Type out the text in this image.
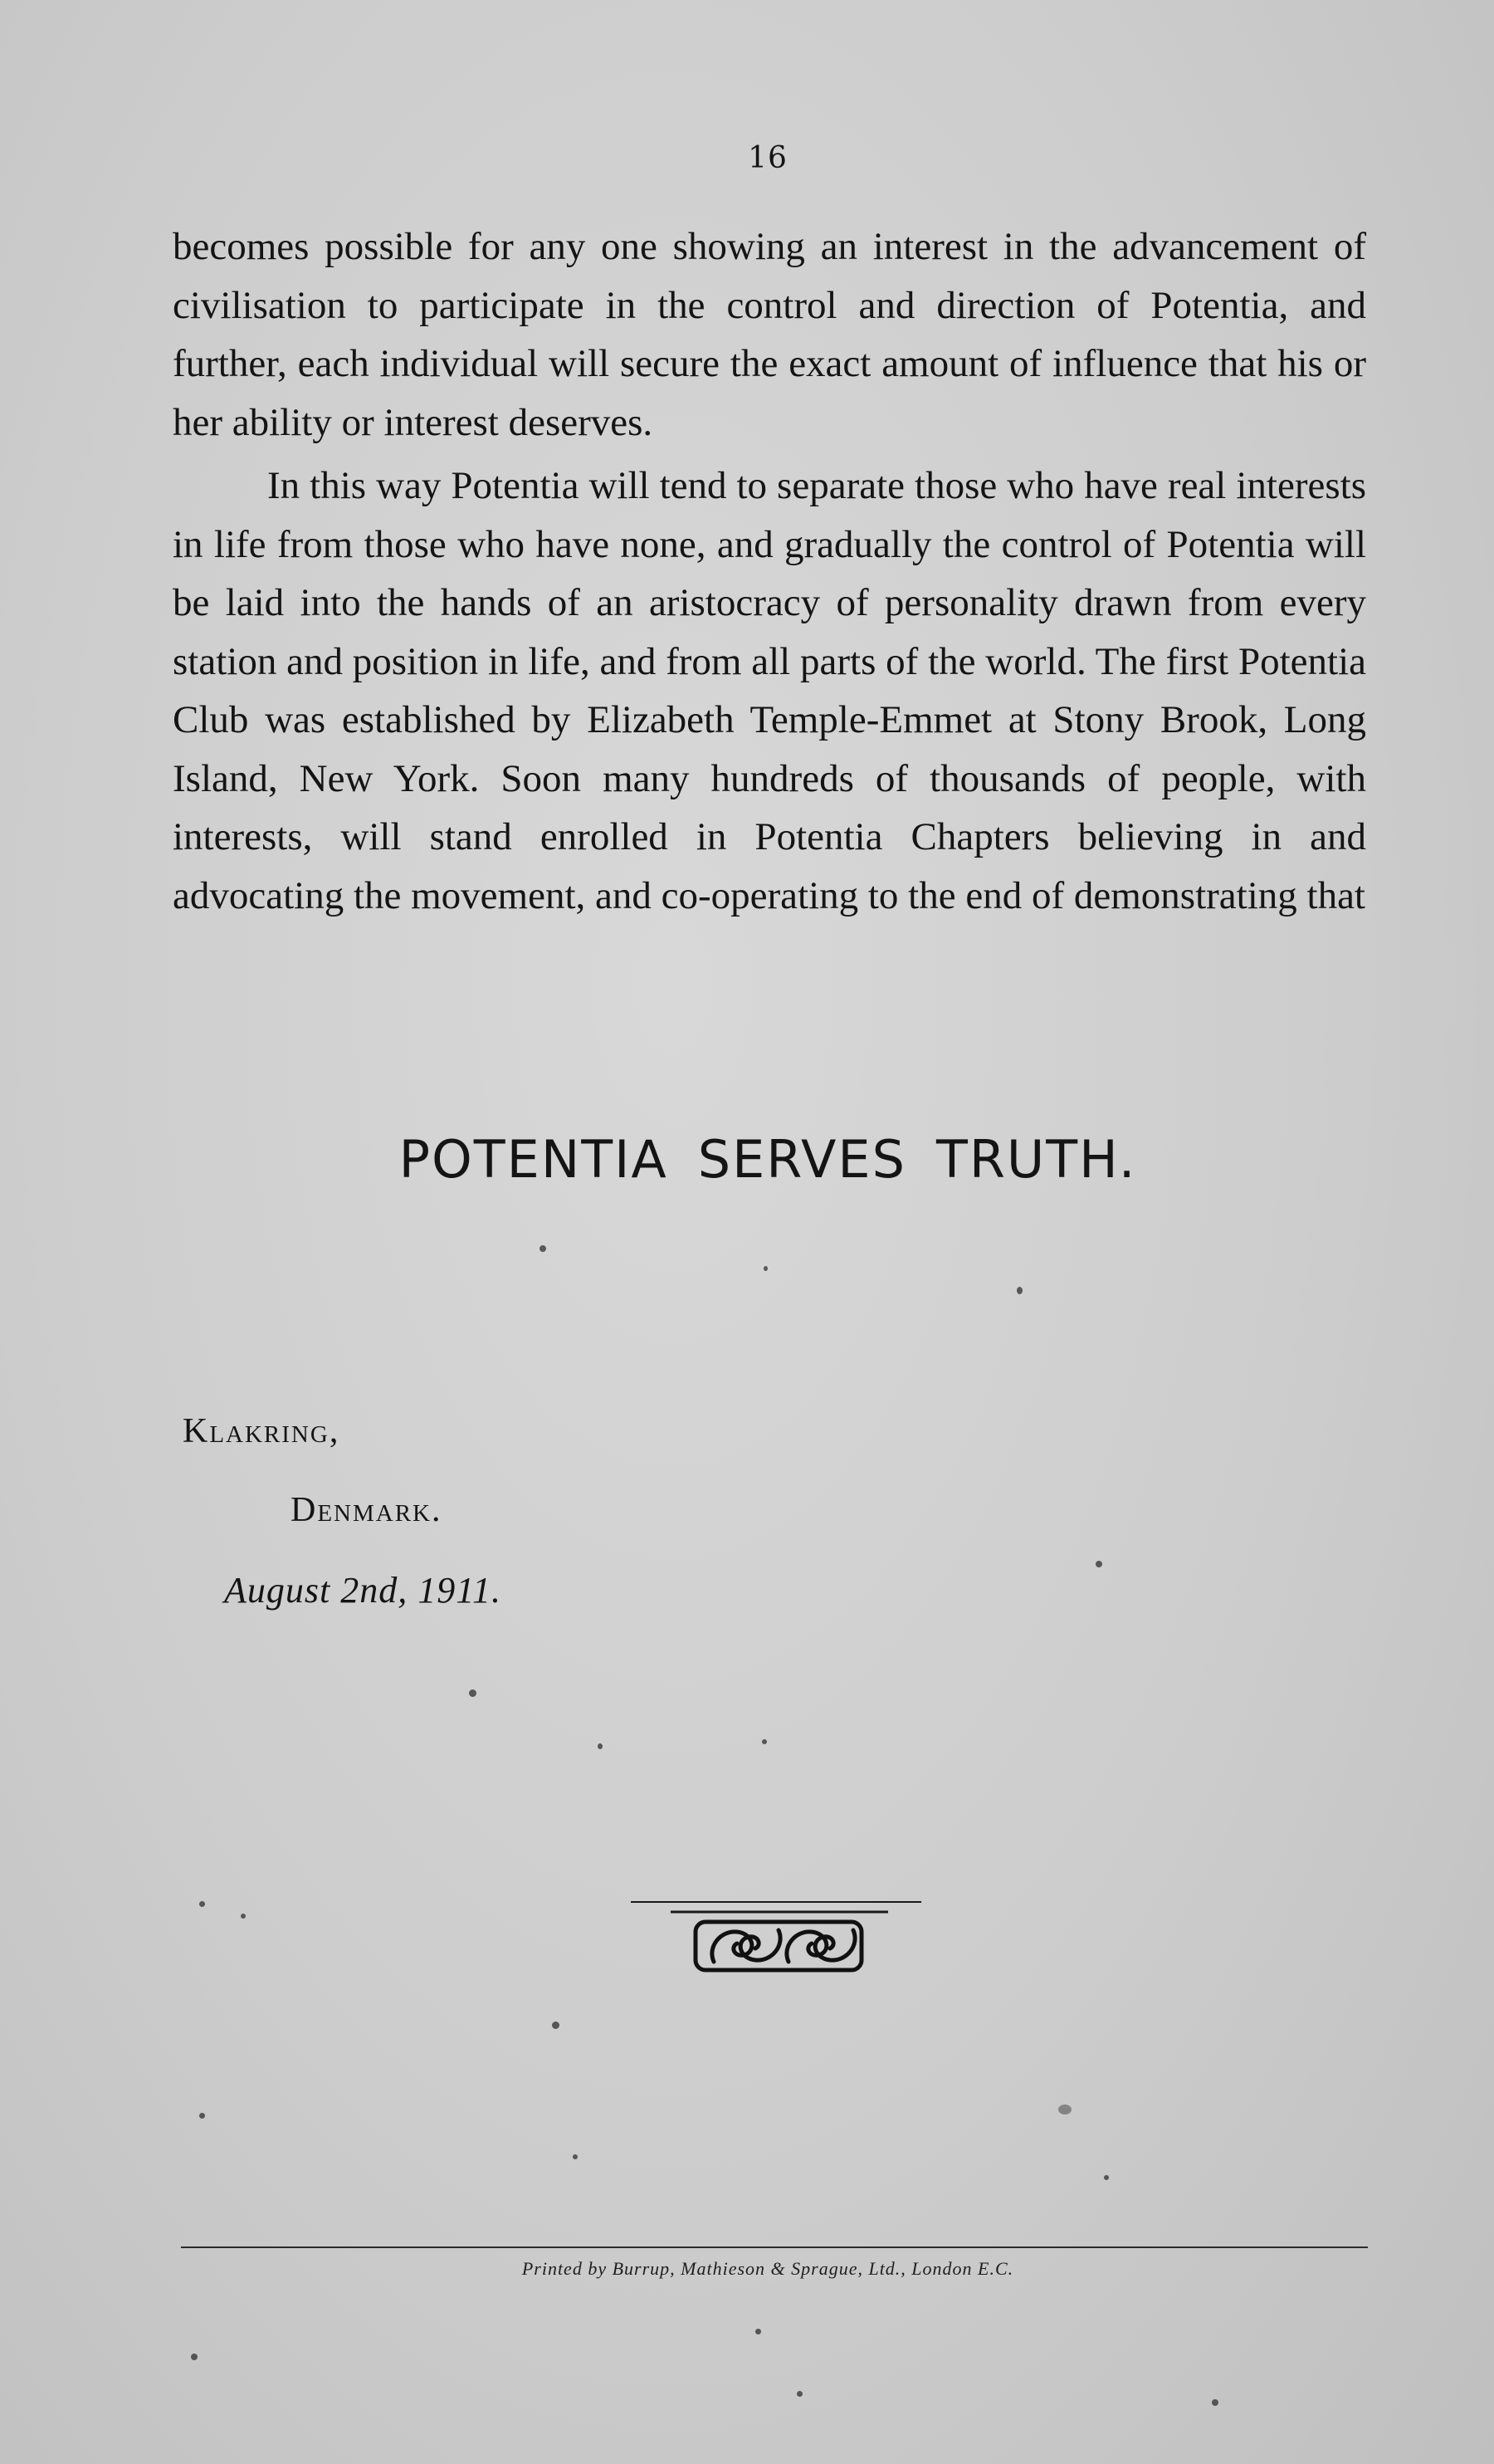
16

becomes possible for any one showing an interest in the advancement of civilisation to participate in the control and direction of Potentia, and further, each individual will secure the exact amount of influence that his or her ability or interest deserves.

In this way Potentia will tend to separate those who have real interests in life from those who have none, and gradually the control of Potentia will be laid into the hands of an aristocracy of personality drawn from every station and position in life, and from all parts of the world. The first Potentia Club was established by Elizabeth Temple-Emmet at Stony Brook, Long Island, New York. Soon many hundreds of thousands of people, with interests, will stand enrolled in Potentia Chapters believing in and advocating the movement, and co-operating to the end of demonstrating that

POTENTIA SERVES TRUTH.
Klakring,
Denmark.
August 2nd, 1911.
Printed by Burrup, Mathieson & Sprague, Ltd., London E.C.
